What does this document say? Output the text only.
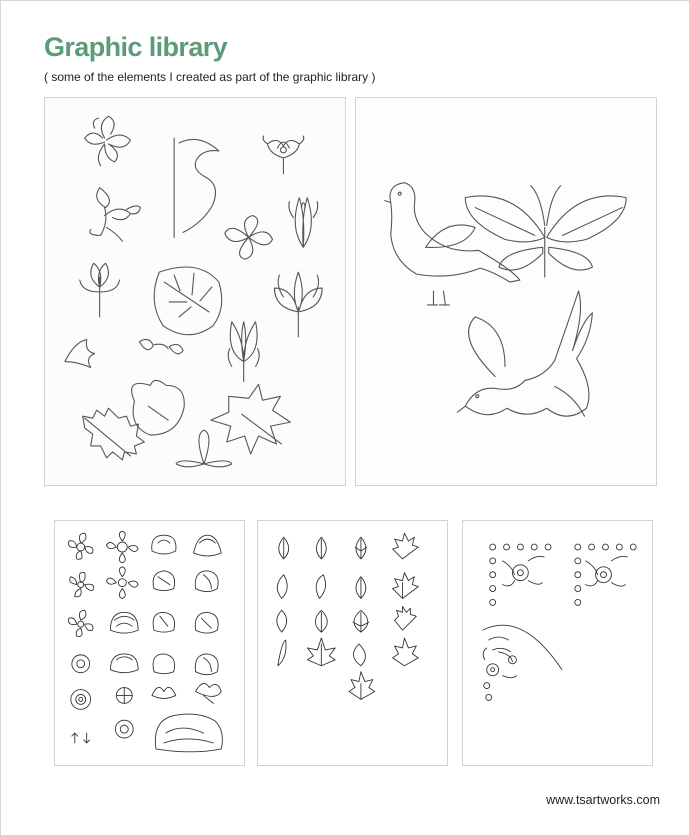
Graphic library
( some of the elements I created as part of the graphic library )
www.tsartworks.com
